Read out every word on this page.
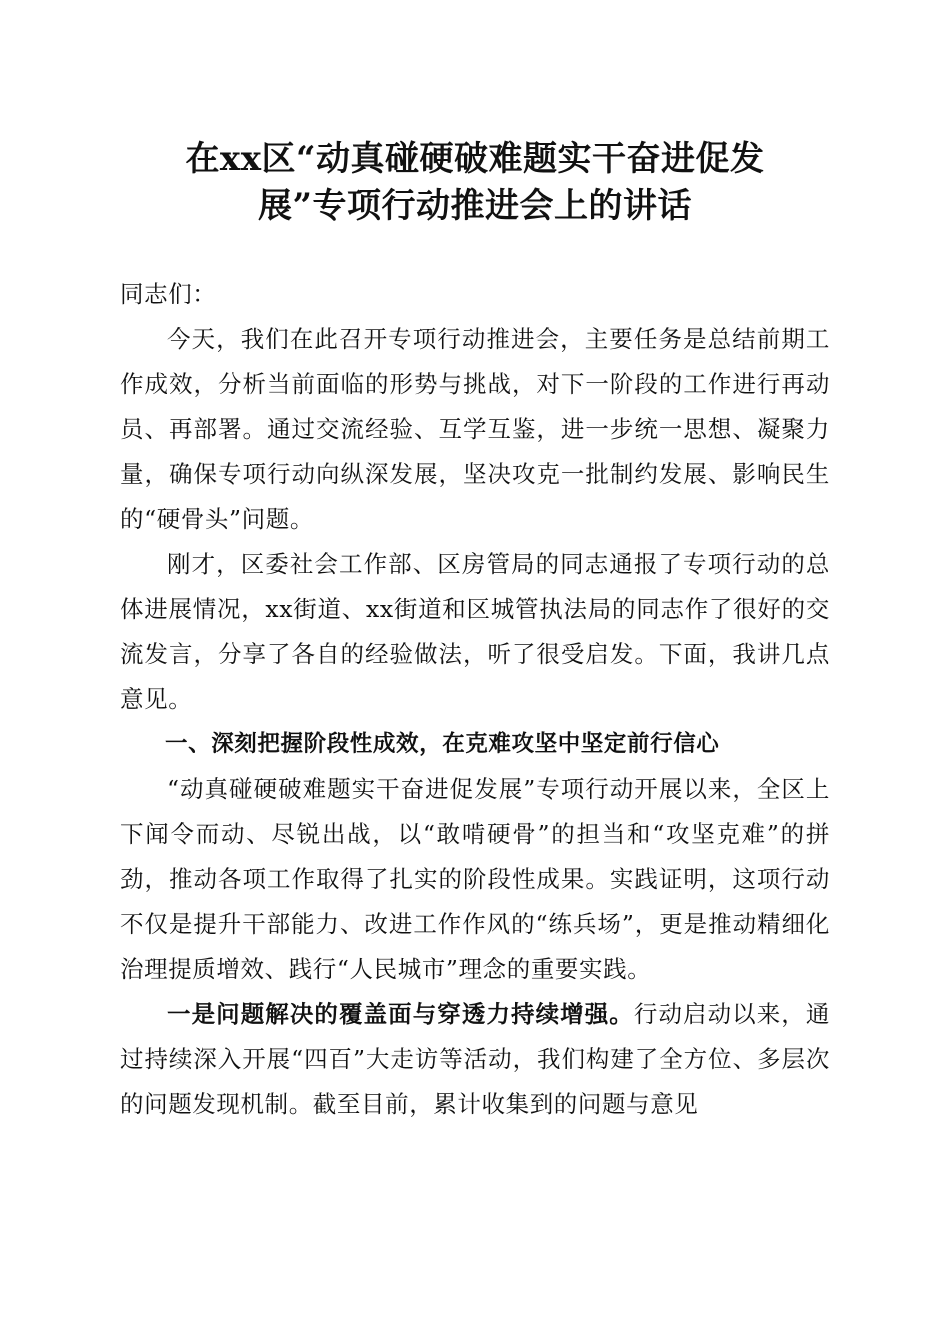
在xx区“动真碰硬破难题实干奋进促发
展”专项行动推进会上的讲话

同志们：

今天，我们在此召开专项行动推进会，主要任务是总结前期工作成效，分析当前面临的形势与挑战，对下一阶段的工作进行再动员、再部署。通过交流经验、互学互鉴，进一步统一思想、凝聚力量，确保专项行动向纵深发展，坚决攻克一批制约发展、影响民生的“硬骨头”问题。

刚才，区委社会工作部、区房管局的同志通报了专项行动的总体进展情况，xx街道、xx街道和区城管执法局的同志作了很好的交流发言，分享了各自的经验做法，听了很受启发。下面，我讲几点意见。

一、深刻把握阶段性成效，在克难攻坚中坚定前行信心

“动真碰硬破难题实干奋进促发展”专项行动开展以来，全区上下闻令而动、尽锐出战，以“敢啃硬骨”的担当和“攻坚克难”的拼劲，推动各项工作取得了扎实的阶段性成果。实践证明，这项行动不仅是提升干部能力、改进工作作风的“练兵场”，更是推动精细化治理提质增效、践行“人民城市”理念的重要实践。

一是问题解决的覆盖面与穿透力持续增强。行动启动以来，通过持续深入开展“四百”大走访等活动，我们构建了全方位、多层次的问题发现机制。截至目前，累计收集到的问题与意见
